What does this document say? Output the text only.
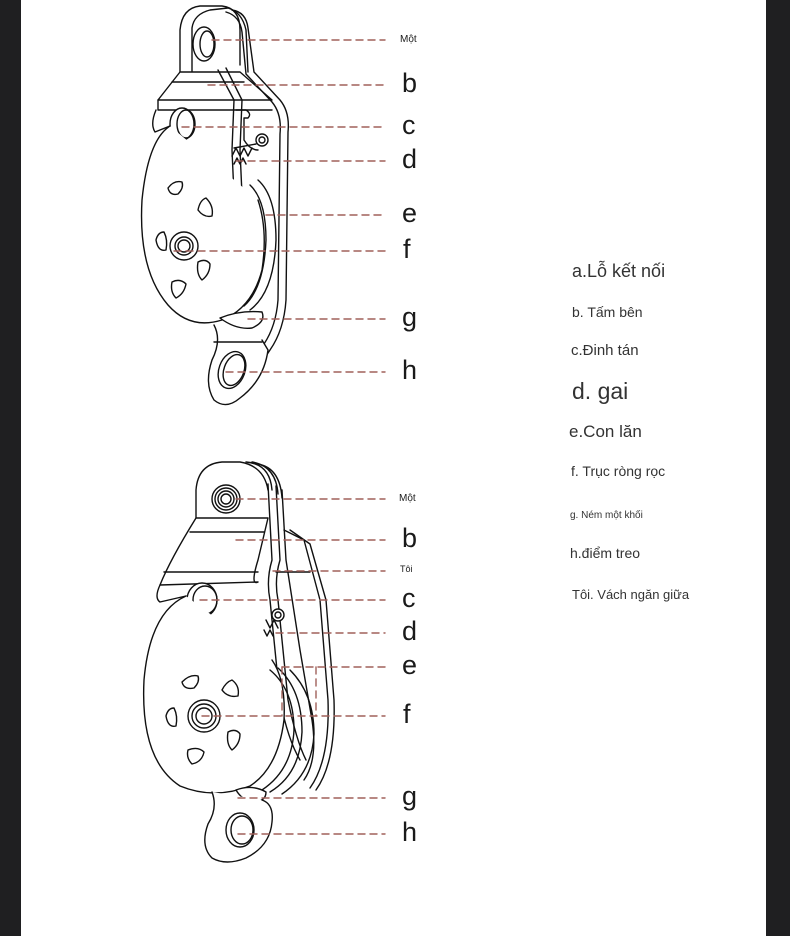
Một
b
c
d
e
f
g
h
Một
b
Tôi
c
d
e
f
g
h
a.Lỗ kết nối
b. Tấm bên
c.Đinh tán
d. gai
e.Con lăn
f. Trục ròng rọc
g. Ném một khối
h.điểm treo
Tôi. Vách ngăn giữa
